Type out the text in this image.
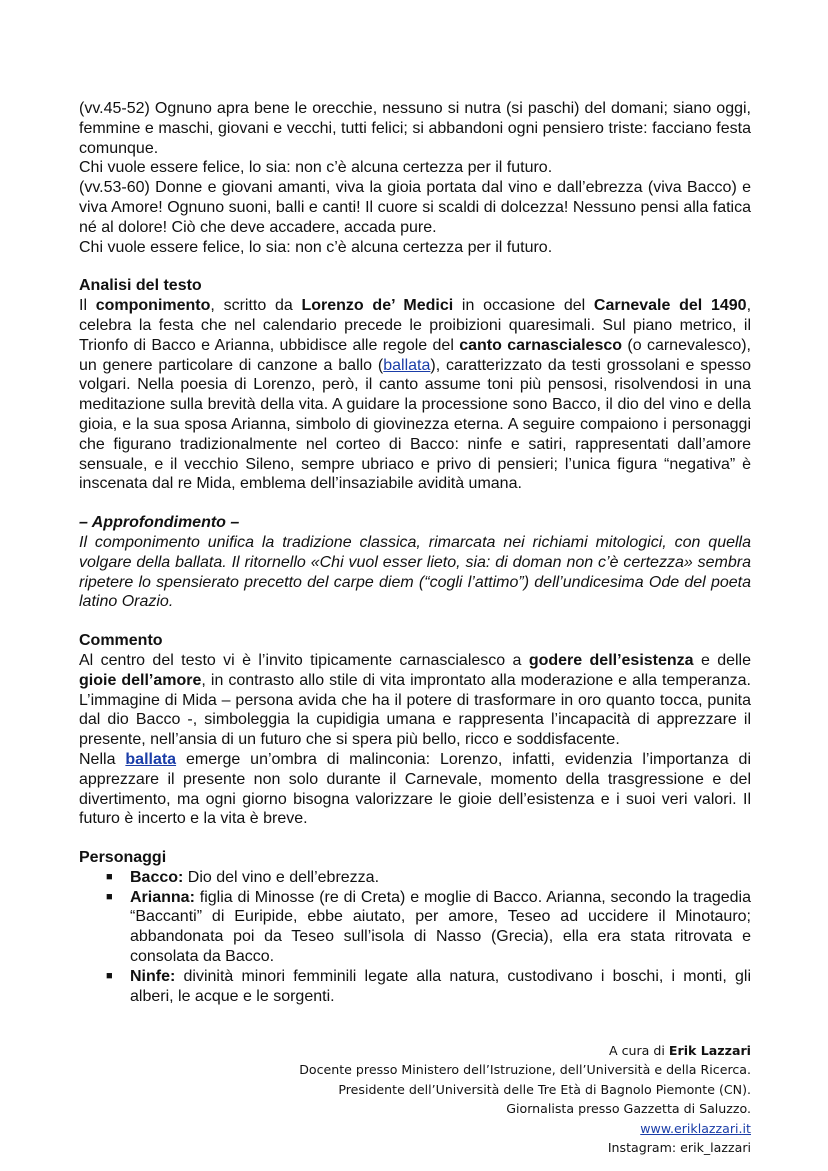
(vv.45-52) Ognuno apra bene le orecchie, nessuno si nutra (si paschi) del domani; siano oggi, femmine e maschi, giovani e vecchi, tutti felici; si abbandoni ogni pensiero triste: facciano festa comunque.

Chi vuole essere felice, lo sia: non c’è alcuna certezza per il futuro.

(vv.53-60) Donne e giovani amanti, viva la gioia portata dal vino e dall’ebrezza (viva Bacco) e viva Amore! Ognuno suoni, balli e canti! Il cuore si scaldi di dolcezza! Nessuno pensi alla fatica né al dolore! Ciò che deve accadere, accada pure.

Chi vuole essere felice, lo sia: non c’è alcuna certezza per il futuro.

Analisi del testo

Il componimento, scritto da Lorenzo de’ Medici in occasione del Carnevale del 1490, celebra la festa che nel calendario precede le proibizioni quaresimali. Sul piano metrico, il Trionfo di Bacco e Arianna, ubbidisce alle regole del canto carnascialesco (o carnevalesco), un genere particolare di canzone a ballo (ballata), caratterizzato da testi grossolani e spesso volgari. Nella poesia di Lorenzo, però, il canto assume toni più pensosi, risolvendosi in una meditazione sulla brevità della vita. A guidare la processione sono Bacco, il dio del vino e della gioia, e la sua sposa Arianna, simbolo di giovinezza eterna. A seguire compaiono i personaggi che figurano tradizionalmente nel corteo di Bacco: ninfe e satiri, rappresentati dall’amore sensuale, e il vecchio Sileno, sempre ubriaco e privo di pensieri; l’unica figura “negativa” è inscenata dal re Mida, emblema dell’insaziabile avidità umana.

– Approfondimento –

Il componimento unifica la tradizione classica, rimarcata nei richiami mitologici, con quella volgare della ballata. Il ritornello «Chi vuol esser lieto, sia: di doman non c’è certezza» sembra ripetere lo spensierato precetto del carpe diem (“cogli l’attimo”) dell’undicesima Ode del poeta latino Orazio.

Commento

Al centro del testo vi è l’invito tipicamente carnascialesco a godere dell’esistenza e delle gioie dell’amore, in contrasto allo stile di vita improntato alla moderazione e alla temperanza. L’immagine di Mida – persona avida che ha il potere di trasformare in oro quanto tocca, punita dal dio Bacco -, simboleggia la cupidigia umana e rappresenta l’incapacità di apprezzare il presente, nell’ansia di un futuro che si spera più bello, ricco e soddisfacente.

Nella ballata emerge un’ombra di malinconia: Lorenzo, infatti, evidenzia l’importanza di apprezzare il presente non solo durante il Carnevale, momento della trasgressione e del divertimento, ma ogni giorno bisogna valorizzare le gioie dell’esistenza e i suoi veri valori. Il futuro è incerto e la vita è breve.

Personaggi

■ Bacco: Dio del vino e dell’ebrezza.
■ Arianna: figlia di Minosse (re di Creta) e moglie di Bacco. Arianna, secondo la tragedia “Baccanti” di Euripide, ebbe aiutato, per amore, Teseo ad uccidere il Minotauro; abbandonata poi da Teseo sull’isola di Nasso (Grecia), ella era stata ritrovata e consolata da Bacco.
■ Ninfe: divinità minori femminili legate alla natura, custodivano i boschi, i monti, gli alberi, le acque e le sorgenti.
A cura di Erik Lazzari
Docente presso Ministero dell’Istruzione, dell’Università e della Ricerca.
Presidente dell’Università delle Tre Età di Bagnolo Piemonte (CN).
Giornalista presso Gazzetta di Saluzzo.
www.eriklazzari.it
Instagram: erik_lazzari
